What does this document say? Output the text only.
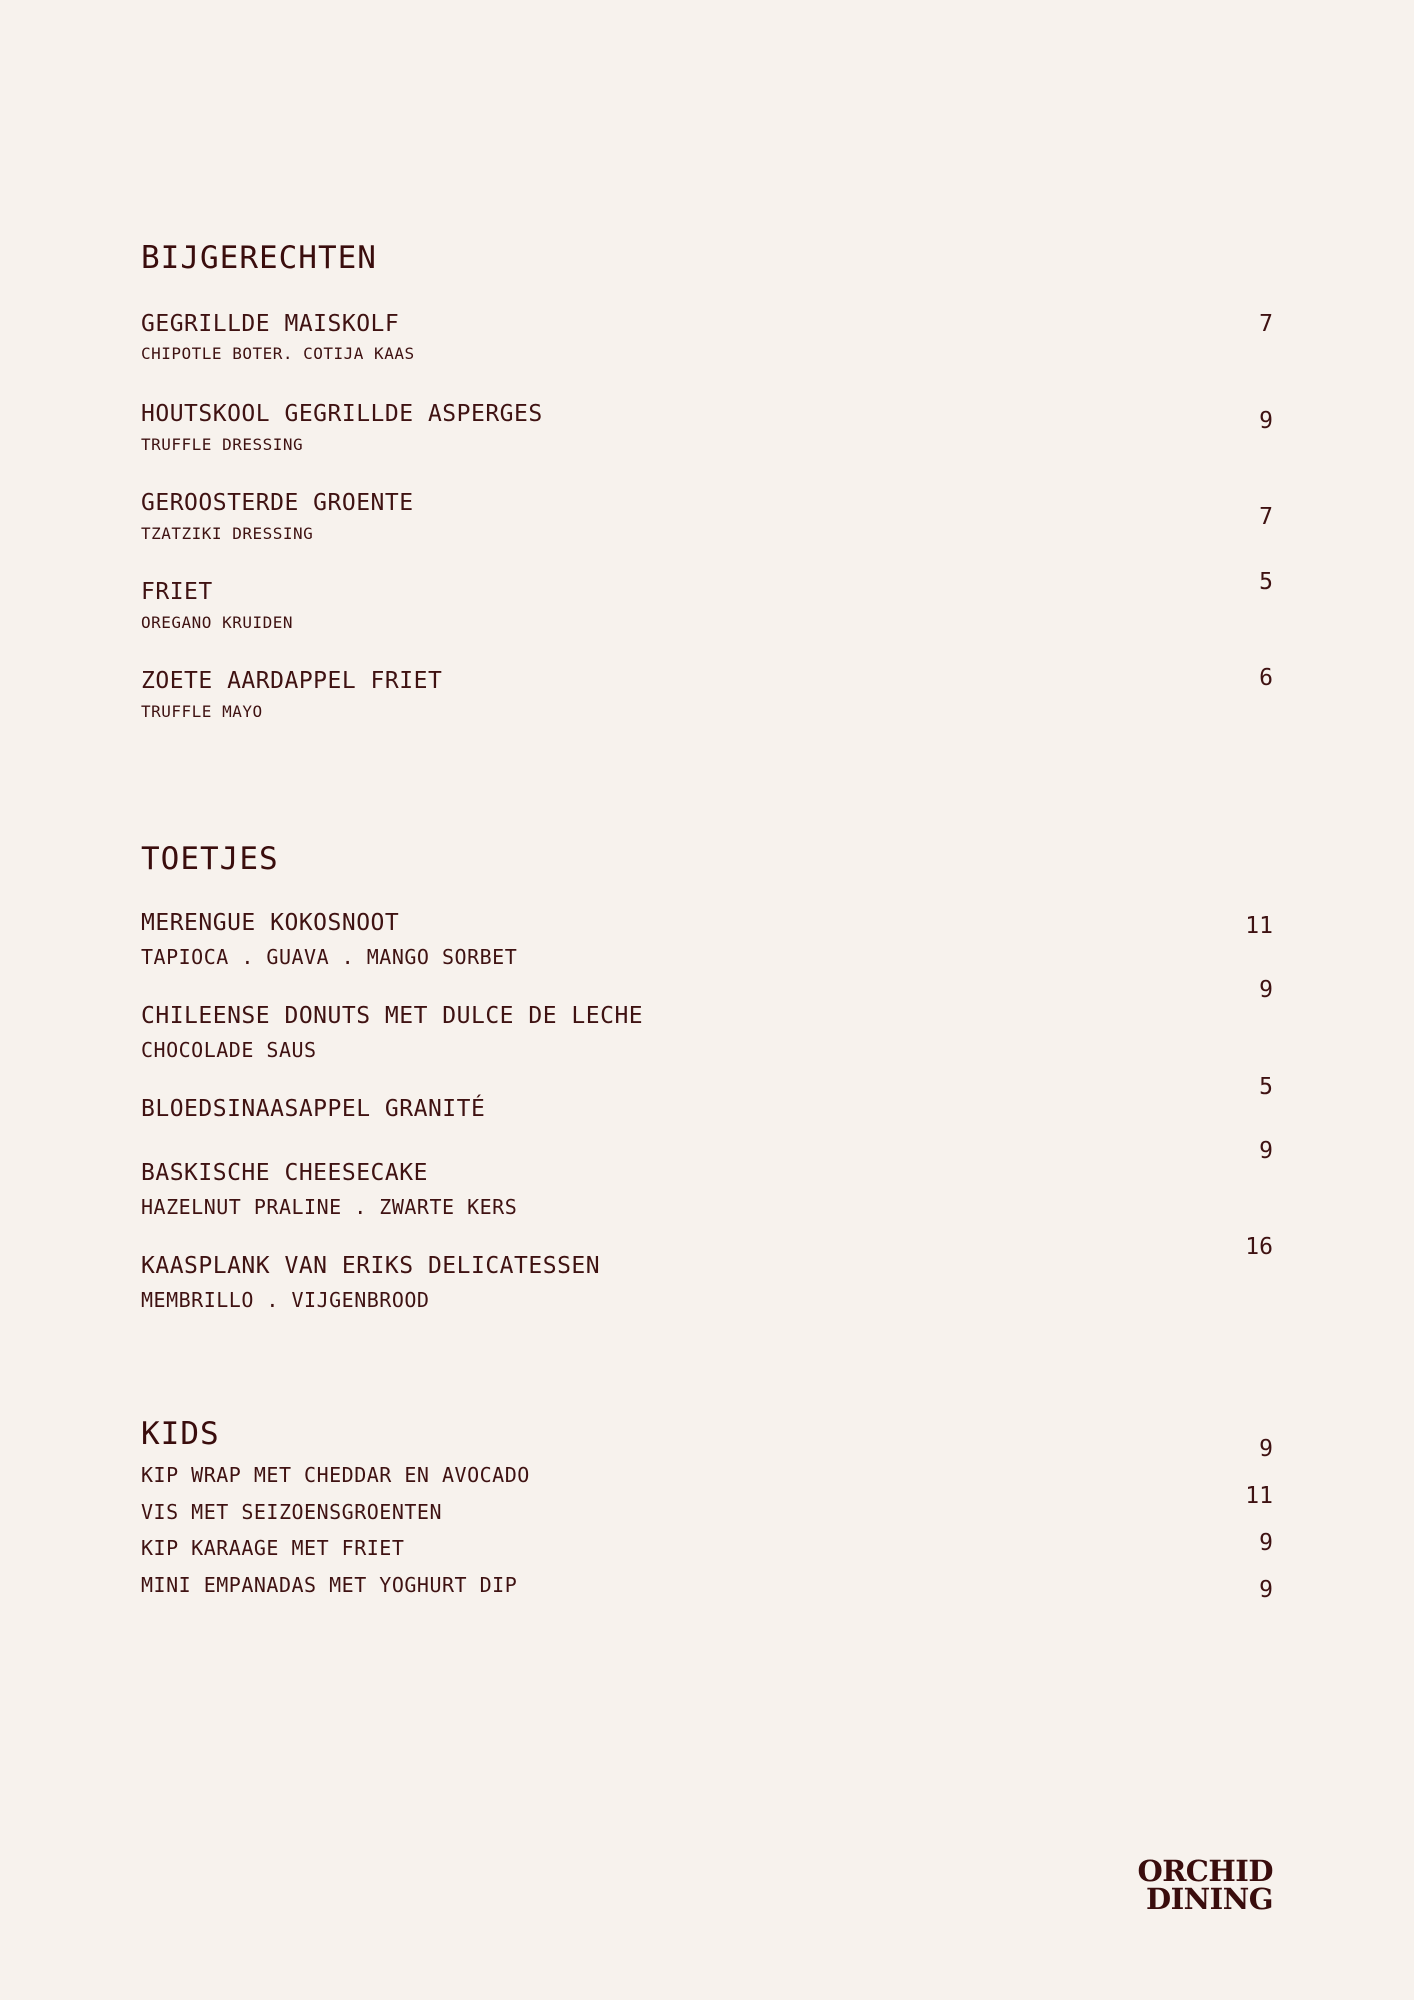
BIJGERECHTEN
GEGRILLDE MAISKOLF
CHIPOTLE BOTER. COTIJA KAAS
7
HOUTSKOOL GEGRILLDE ASPERGES
TRUFFLE DRESSING
9
GEROOSTERDE GROENTE
TZATZIKI DRESSING
7
FRIET
OREGANO KRUIDEN
5
ZOETE AARDAPPEL FRIET
TRUFFLE MAYO
6
TOETJES
MERENGUE KOKOSNOOT
TAPIOCA . GUAVA . MANGO SORBET
11
CHILEENSE DONUTS MET DULCE DE LECHE
CHOCOLADE SAUS
9
BLOEDSINAASAPPEL GRANITÉ
5
BASKISCHE CHEESECAKE
HAZELNUT PRALINE . ZWARTE KERS
9
KAASPLANK VAN ERIKS DELICATESSEN
MEMBRILLO . VIJGENBROOD
16
KIDS
KIP WRAP MET CHEDDAR EN AVOCADO
9
VIS MET SEIZOENSGROENTEN
11
KIP KARAAGE MET FRIET	9
MINI EMPANADAS MET YOGHURT DIP	9
ORCHID
DINING
